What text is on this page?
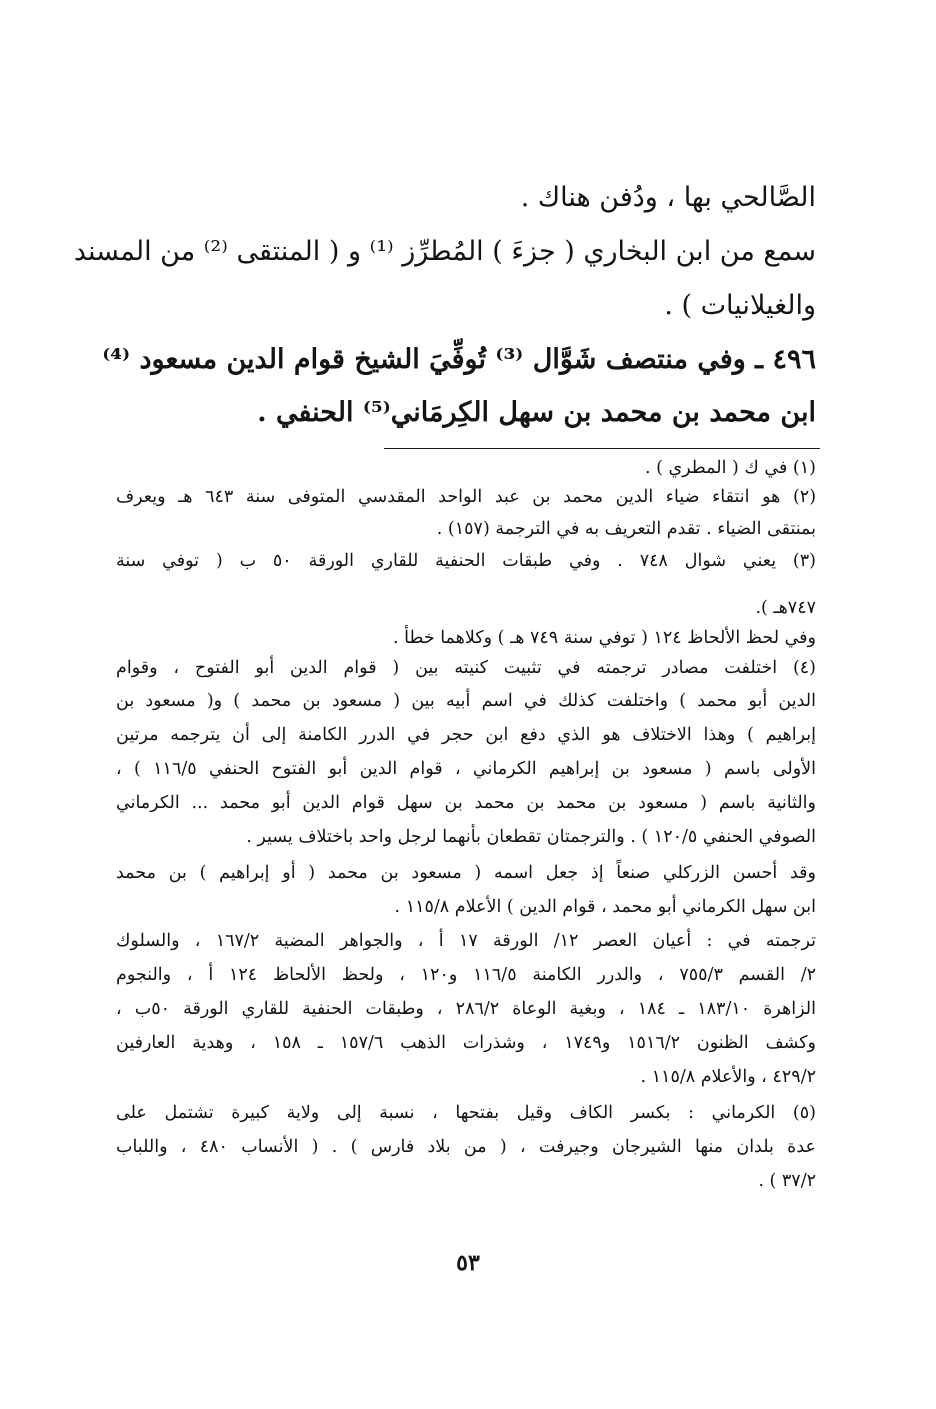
الصَّالحي بها ، ودُفن هناك .
سمع من ابن البخاري ( جزءَ ) المُطرِّز ⁽¹⁾ و ( المنتقى ⁽²⁾ من المسند
والغيلانيات ) .
٤٩٦ ـ وفي منتصف شَوَّال ⁽³⁾ تُوفِّيَ الشيخ قوام الدين مسعود ⁽⁴⁾
ابن محمد بن محمد بن سهل الكِرمَاني⁽⁵⁾ الحنفي .
(١) في ك ( المطري ) .
(٢) هو انتقاء ضياء الدين محمد بن عبد الواحد المقدسي المتوفى سنة ٦٤٣ هـ ويعرف
بمنتقى الضياء . تقدم التعريف به في الترجمة (١٥٧) .
(٣) يعني شوال ٧٤٨ . وفي طبقات الحنفية للقاري الورقة ٥٠ ب ( توفي سنة
٧٤٧هـ ).
وفي لحظ الألحاظ ١٢٤ ( توفي سنة ٧٤٩ هـ ) وكلاهما خطأ .
(٤) اختلفت مصادر ترجمته في تثبيت كنيته بين ( قوام الدين أبو الفتوح ، وقوام
الدين أبو محمد ) واختلفت كذلك في اسم أبيه بين ( مسعود بن محمد ) و( مسعود بن
إبراهيم ) وهذا الاختلاف هو الذي دفع ابن حجر في الدرر الكامنة إلى أن يترجمه مرتين
الأولى باسم ( مسعود بن إبراهيم الكرماني ، قوام الدين أبو الفتوح الحنفي ١١٦/٥ ) ،
والثانية باسم ( مسعود بن محمد بن محمد بن سهل قوام الدين أبو محمد ... الكرماني
الصوفي الحنفي ١٢٠/٥ ) . والترجمتان تقطعان بأنهما لرجل واحد باختلاف يسير .
وقد أحسن الزركلي صنعاً إذ جعل اسمه ( مسعود بن محمد ( أو إبراهيم ) بن محمد
ابن سهل الكرماني أبو محمد ، قوام الدين ) الأعلام ١١٥/٨ .
ترجمته في : أعيان العصر ١٢/ الورقة ١٧ أ ، والجواهر المضية ١٦٧/٢ ، والسلوك
٢/ القسم ٧٥٥/٣ ، والدرر الكامنة ١١٦/٥ و١٢٠ ، ولحظ الألحاظ ١٢٤ أ ، والنجوم
الزاهرة ١٨٣/١٠ ـ ١٨٤ ، وبغية الوعاة ٢٨٦/٢ ، وطبقات الحنفية للقاري الورقة ٥٠ب ،
وكشف الظنون ١٥١٦/٢ و١٧٤٩ ، وشذرات الذهب ١٥٧/٦ ـ ١٥٨ ، وهدية العارفين
٤٢٩/٢ ، والأعلام ١١٥/٨ .
(٥) الكرماني : بكسر الكاف وقيل بفتحها ، نسبة إلى ولاية كبيرة تشتمل على
عدة بلدان منها الشيرجان وجيرفت ، ( من بلاد فارس ) . ( الأنساب ٤٨٠ ، واللباب
٣٧/٢ ) .
٥٣
